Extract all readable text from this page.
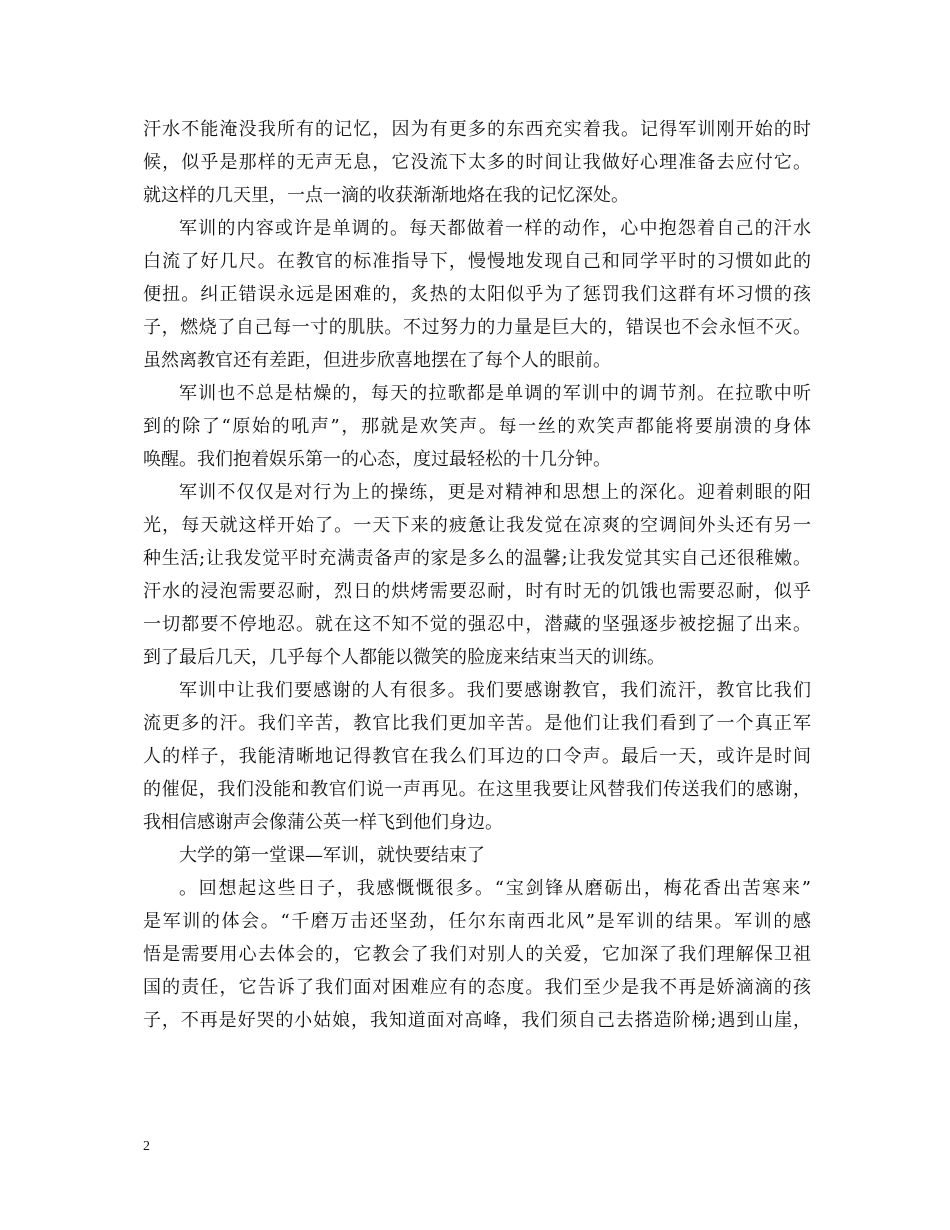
汗水不能淹没我所有的记忆，因为有更多的东西充实着我。记得军训刚开始的时
候，似乎是那样的无声无息，它没流下太多的时间让我做好心理准备去应付它。
就这样的几天里，一点一滴的收获渐渐地烙在我的记忆深处。
军训的内容或许是单调的。每天都做着一样的动作，心中抱怨着自己的汗水
白流了好几尺。在教官的标准指导下，慢慢地发现自己和同学平时的习惯如此的
便扭。纠正错误永远是困难的，炙热的太阳似乎为了惩罚我们这群有坏习惯的孩
子，燃烧了自己每一寸的肌肤。不过努力的力量是巨大的，错误也不会永恒不灭。
虽然离教官还有差距，但进步欣喜地摆在了每个人的眼前。
军训也不总是枯燥的，每天的拉歌都是单调的军训中的调节剂。在拉歌中听
到的除了“原始的吼声”，那就是欢笑声。每一丝的欢笑声都能将要崩溃的身体
唤醒。我们抱着娱乐第一的心态，度过最轻松的十几分钟。
军训不仅仅是对行为上的操练，更是对精神和思想上的深化。迎着刺眼的阳
光，每天就这样开始了。一天下来的疲惫让我发觉在凉爽的空调间外头还有另一
种生活;让我发觉平时充满责备声的家是多么的温馨;让我发觉其实自己还很稚嫩。
汗水的浸泡需要忍耐，烈日的烘烤需要忍耐，时有时无的饥饿也需要忍耐，似乎
一切都要不停地忍。就在这不知不觉的强忍中，潜藏的坚强逐步被挖掘了出来。
到了最后几天，几乎每个人都能以微笑的脸庞来结束当天的训练。
军训中让我们要感谢的人有很多。我们要感谢教官，我们流汗，教官比我们
流更多的汗。我们辛苦，教官比我们更加辛苦。是他们让我们看到了一个真正军
人的样子，我能清晰地记得教官在我么们耳边的口令声。最后一天，或许是时间
的催促，我们没能和教官们说一声再见。在这里我要让风替我们传送我们的感谢，
我相信感谢声会像蒲公英一样飞到他们身边。
大学的第一堂课—军训，就快要结束了
。回想起这些日子，我感慨慨很多。“宝剑锋从磨砺出，梅花香出苦寒来”
是军训的体会。“千磨万击还坚劲，任尔东南西北风”是军训的结果。军训的感
悟是需要用心去体会的，它教会了我们对别人的关爱，它加深了我们理解保卫祖
国的责任，它告诉了我们面对困难应有的态度。我们至少是我不再是娇滴滴的孩
子，不再是好哭的小姑娘，我知道面对高峰，我们须自己去搭造阶梯;遇到山崖，
2
